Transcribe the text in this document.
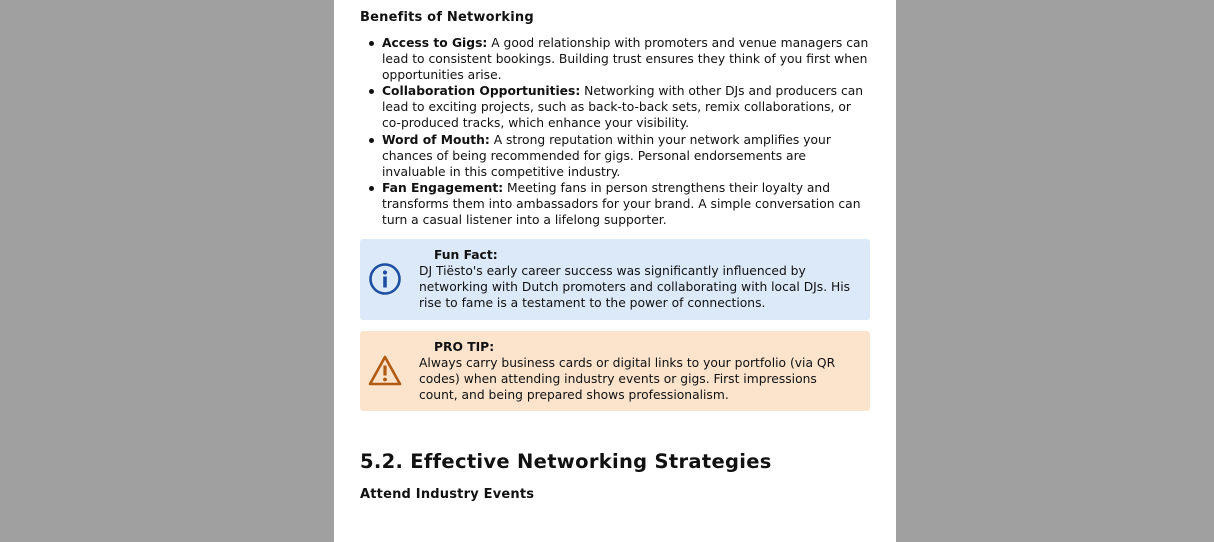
Benefits of Networking
Access to Gigs: A good relationship with promoters and venue managers can lead to consistent bookings. Building trust ensures they think of you first when opportunities arise.
Collaboration Opportunities: Networking with other DJs and producers can lead to exciting projects, such as back-to-back sets, remix collaborations, or co-produced tracks, which enhance your visibility.
Word of Mouth: A strong reputation within your network amplifies your chances of being recommended for gigs. Personal endorsements are invaluable in this competitive industry.
Fan Engagement: Meeting fans in person strengthens their loyalty and transforms them into ambassadors for your brand. A simple conversation can turn a casual listener into a lifelong supporter.
Fun Fact:
DJ Tiësto's early career success was significantly influenced by networking with Dutch promoters and collaborating with local DJs. His rise to fame is a testament to the power of connections.
PRO TIP:
Always carry business cards or digital links to your portfolio (via QR codes) when attending industry events or gigs. First impressions count, and being prepared shows professionalism.
5.2. Effective Networking Strategies
Attend Industry Events
